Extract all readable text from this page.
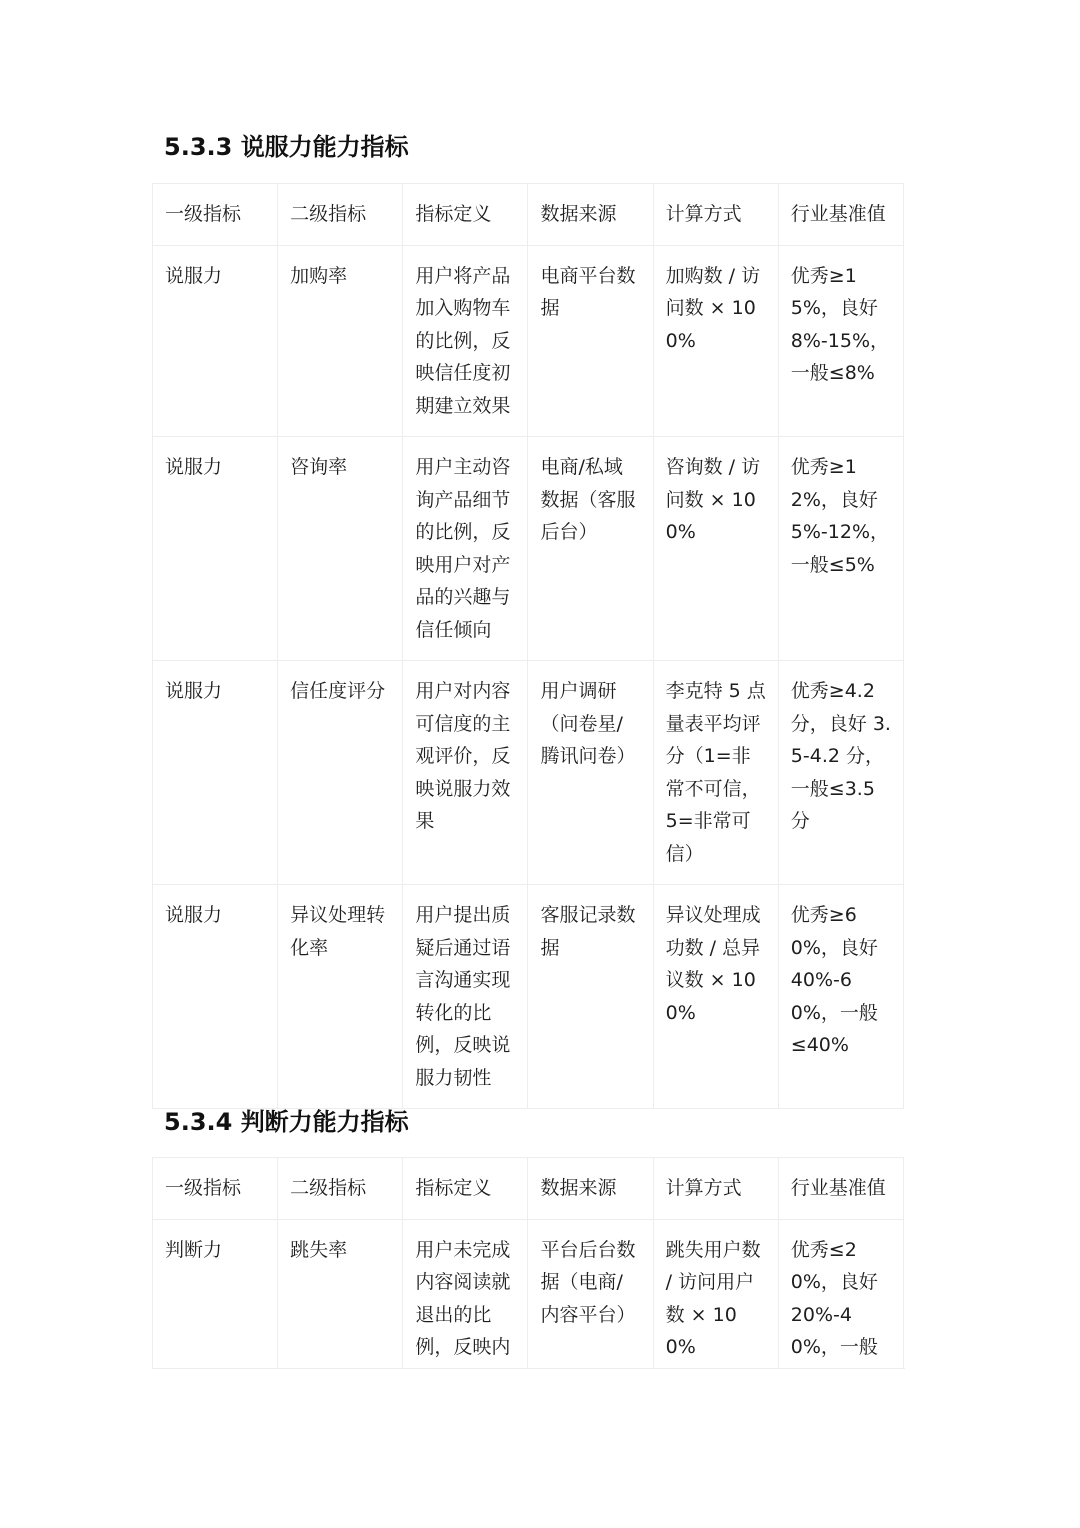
5.3.3 说服力能力指标
一级指标	二级指标	指标定义	数据来源	计算方式	行业基准值
说服力	加购率	用户将产品加入购物车的比例，反映信任度初期建立效果	电商平台数据	加购数 / 访问数 × 100%	优秀≥15%，良好 8%-15%，一般≤8%
说服力	咨询率	用户主动咨询产品细节的比例，反映用户对产品的兴趣与信任倾向	电商/私域数据（客服后台）	咨询数 / 访问数 × 100%	优秀≥12%，良好 5%-12%，一般≤5%
说服力	信任度评分	用户对内容可信度的主观评价，反映说服力效果	用户调研（问卷星/腾讯问卷）	李克特 5 点量表平均评分（1=非常不可信，5=非常可信）	优秀≥4.2 分，良好 3.5-4.2 分，一般≤3.5 分
说服力	异议处理转化率	用户提出质疑后通过语言沟通实现转化的比例，反映说服力韧性	客服记录数据	异议处理成功数 / 总异议数 × 100%	优秀≥60%，良好 40%-60%，一般≤40%
5.3.4 判断力能力指标
一级指标	二级指标	指标定义	数据来源	计算方式	行业基准值
判断力	跳失率	用户未完成内容阅读就退出的比例，反映内	平台后台数据（电商/内容平台）	跳失用户数 / 访问用户数 × 100%	优秀≤20%，良好 20%-40%，一般
